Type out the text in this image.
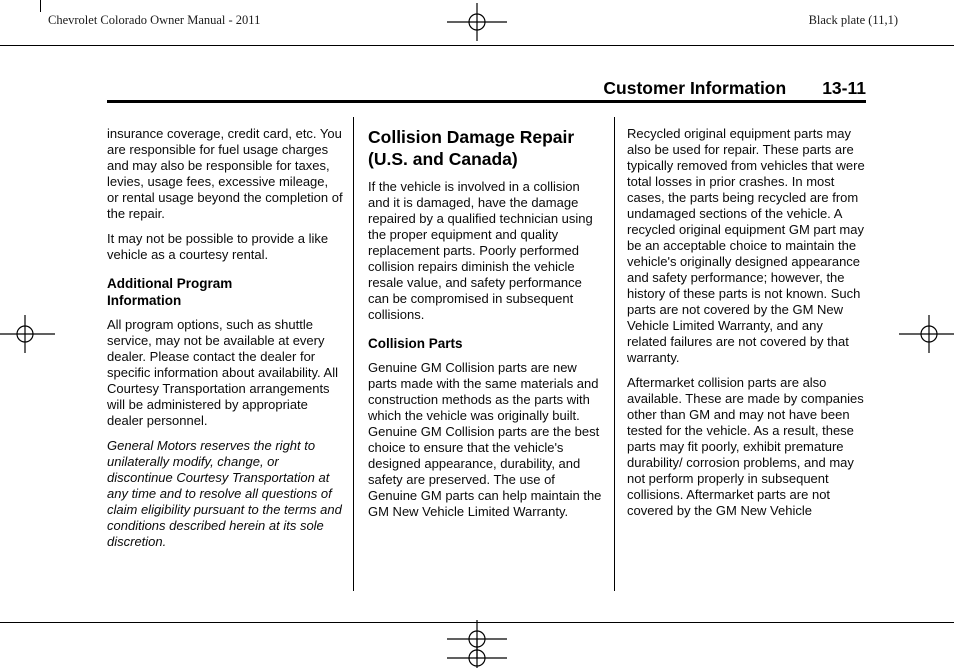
Chevrolet Colorado Owner Manual - 2011	Black plate (11,1)
Customer Information 13-11

insurance coverage, credit card, etc. You are responsible for fuel usage charges and may also be responsible for taxes, levies, usage fees, excessive mileage, or rental usage beyond the completion of the repair.

It may not be possible to provide a like vehicle as a courtesy rental.

Additional Program Information

All program options, such as shuttle service, may not be available at every dealer. Please contact the dealer for specific information about availability. All Courtesy Transportation arrangements will be administered by appropriate dealer personnel.

General Motors reserves the right to unilaterally modify, change, or discontinue Courtesy Transportation at any time and to resolve all questions of claim eligibility pursuant to the terms and conditions described herein at its sole discretion.

Collision Damage Repair (U.S. and Canada)

If the vehicle is involved in a collision and it is damaged, have the damage repaired by a qualified technician using the proper equipment and quality replacement parts. Poorly performed collision repairs diminish the vehicle resale value, and safety performance can be compromised in subsequent collisions.

Collision Parts

Genuine GM Collision parts are new parts made with the same materials and construction methods as the parts with which the vehicle was originally built. Genuine GM Collision parts are the best choice to ensure that the vehicle's designed appearance, durability, and safety are preserved. The use of Genuine GM parts can help maintain the GM New Vehicle Limited Warranty.

Recycled original equipment parts may also be used for repair. These parts are typically removed from vehicles that were total losses in prior crashes. In most cases, the parts being recycled are from undamaged sections of the vehicle. A recycled original equipment GM part may be an acceptable choice to maintain the vehicle's originally designed appearance and safety performance; however, the history of these parts is not known. Such parts are not covered by the GM New Vehicle Limited Warranty, and any related failures are not covered by that warranty.

Aftermarket collision parts are also available. These are made by companies other than GM and may not have been tested for the vehicle. As a result, these parts may fit poorly, exhibit premature durability/ corrosion problems, and may not perform properly in subsequent collisions. Aftermarket parts are not covered by the GM New Vehicle
